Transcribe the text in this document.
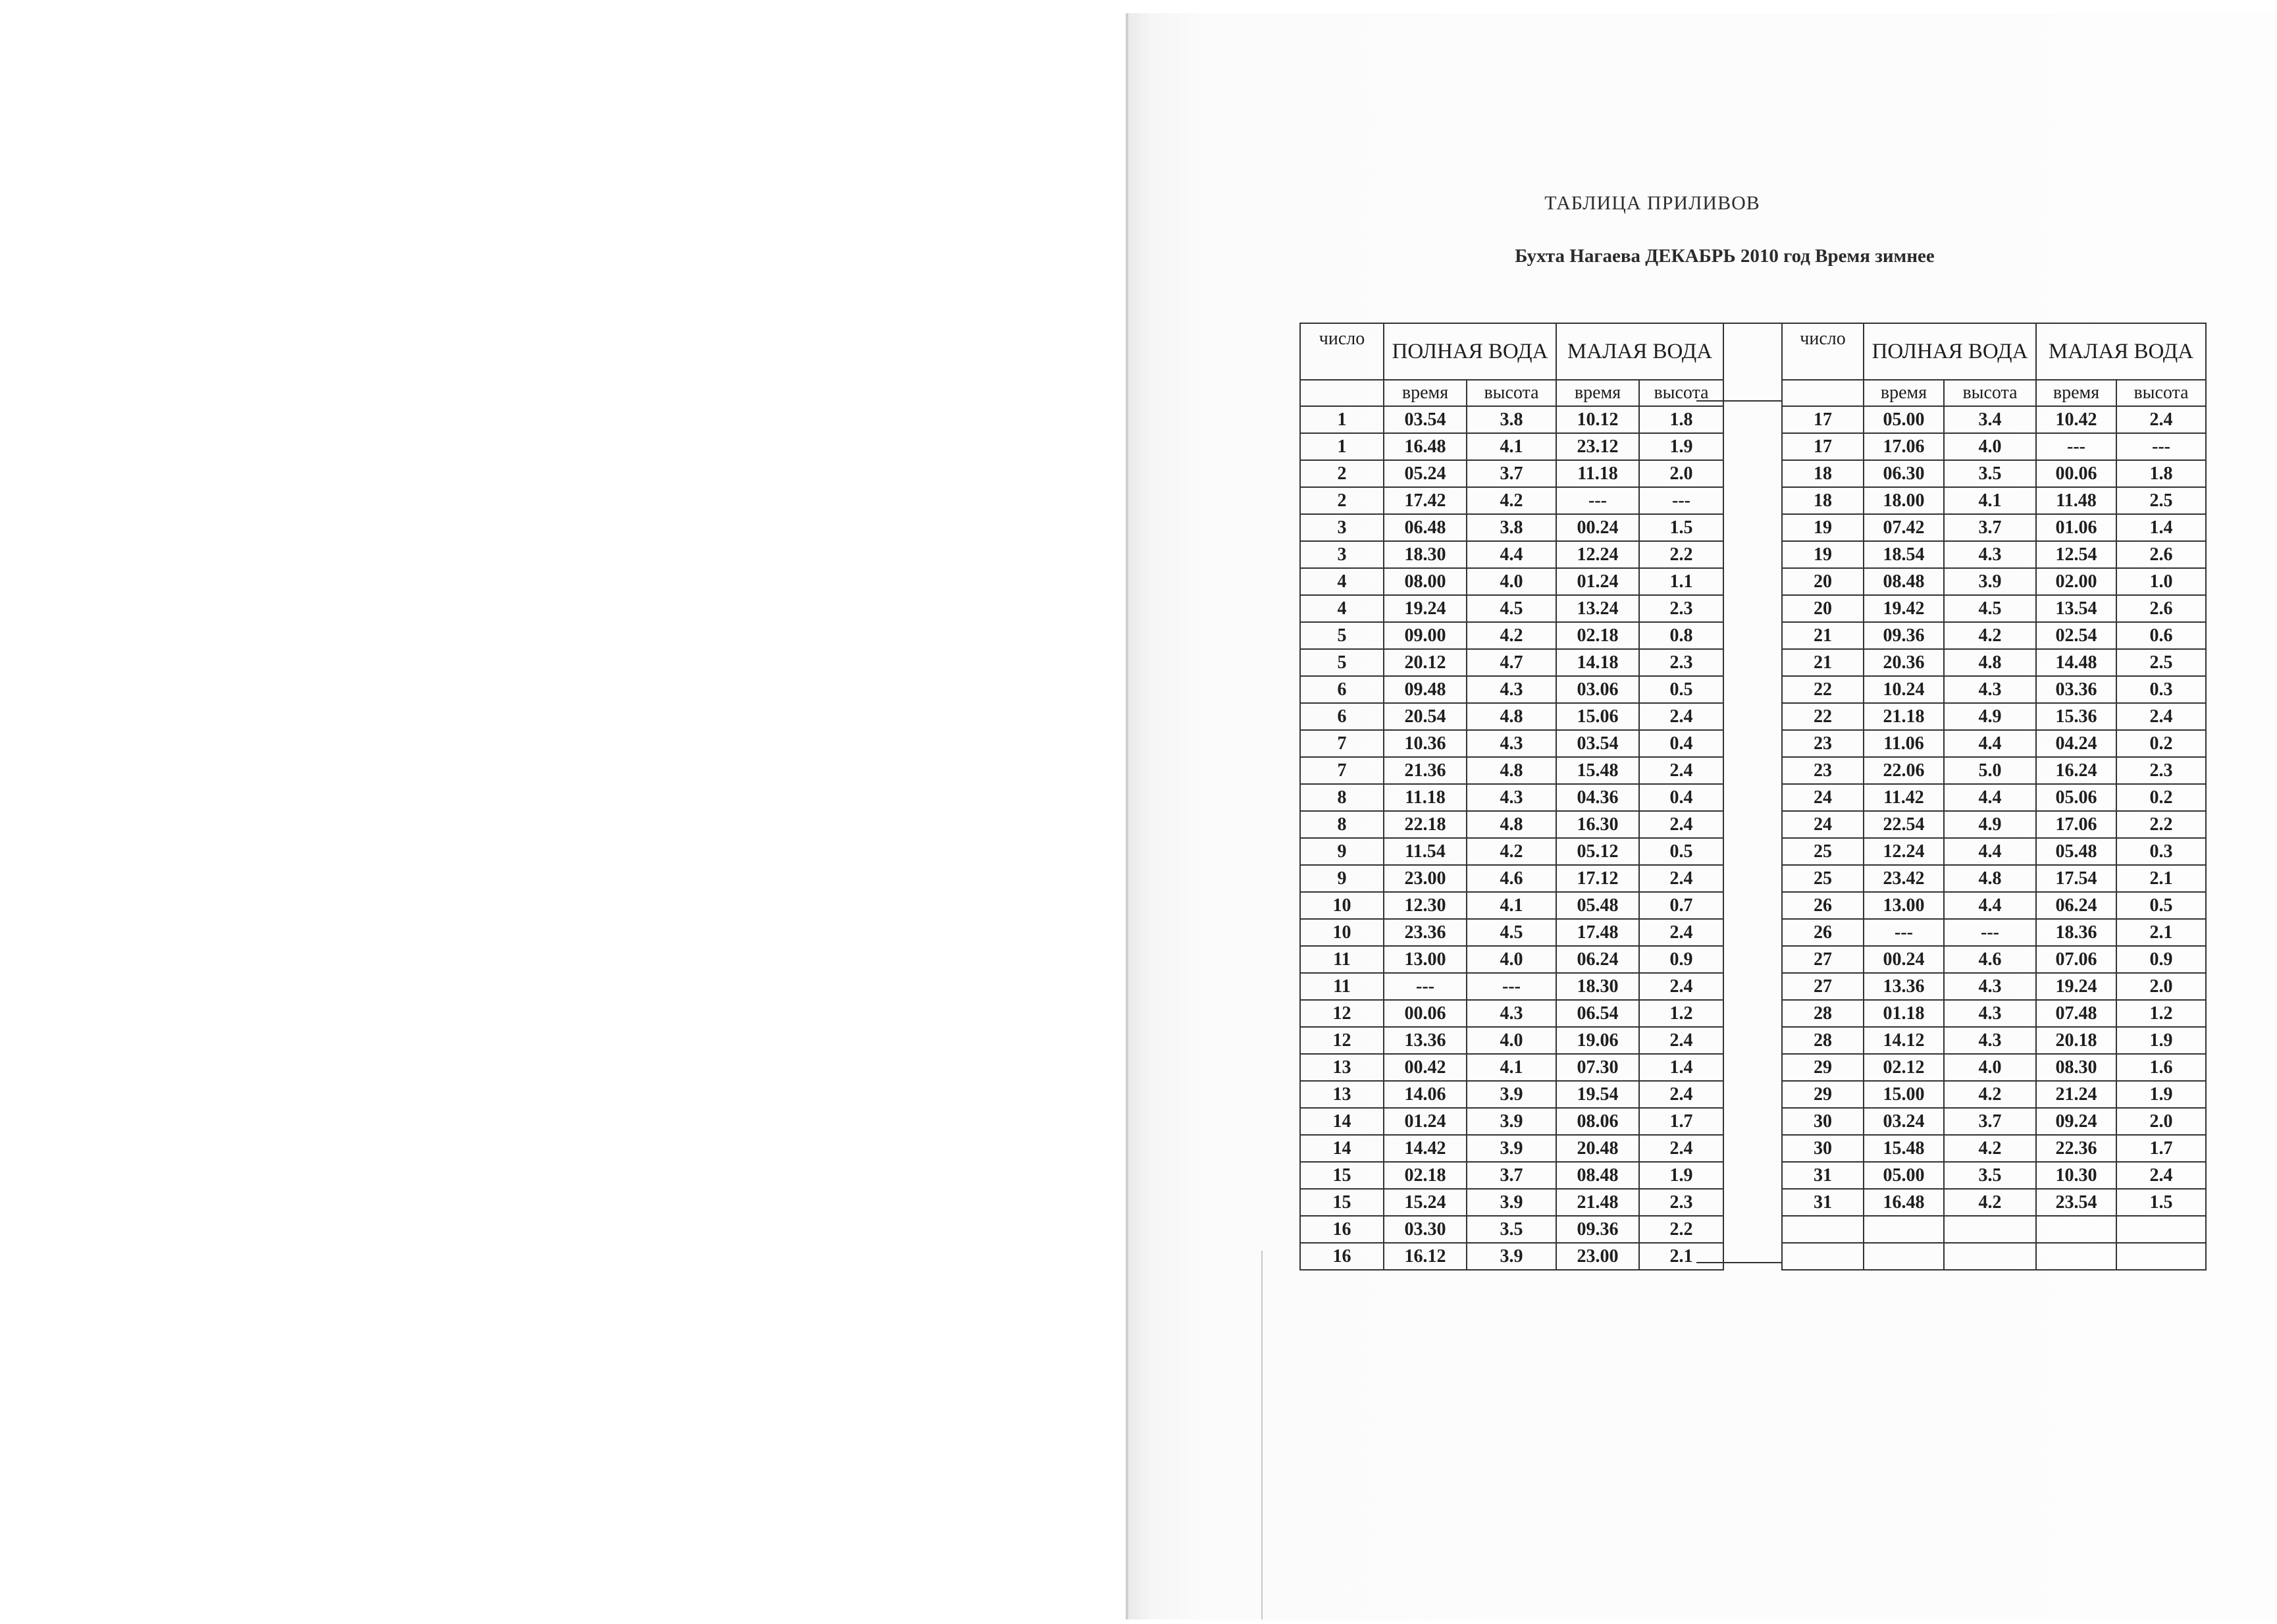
ТАБЛИЦА ПРИЛИВОВ
Бухта Нагаева ДЕКАБРЬ 2010 год Время зимнее
число	ПОЛНАЯ ВОДА		МАЛАЯ ВОДА	
	время	высота	время	высота
1	03.54	3.8	10.12	1.8
1	16.48	4.1	23.12	1.9
2	05.24	3.7	11.18	2.0
2	17.42	4.2	---	---
3	06.48	3.8	00.24	1.5
3	18.30	4.4	12.24	2.2
4	08.00	4.0	01.24	1.1
4	19.24	4.5	13.24	2.3
5	09.00	4.2	02.18	0.8
5	20.12	4.7	14.18	2.3
6	09.48	4.3	03.06	0.5
6	20.54	4.8	15.06	2.4
7	10.36	4.3	03.54	0.4
7	21.36	4.8	15.48	2.4
8	11.18	4.3	04.36	0.4
8	22.18	4.8	16.30	2.4
9	11.54	4.2	05.12	0.5
9	23.00	4.6	17.12	2.4
10	12.30	4.1	05.48	0.7
10	23.36	4.5	17.48	2.4
11	13.00	4.0	06.24	0.9
11	---	---	18.30	2.4
12	00.06	4.3	06.54	1.2
12	13.36	4.0	19.06	2.4
13	00.42	4.1	07.30	1.4
13	14.06	3.9	19.54	2.4
14	01.24	3.9	08.06	1.7
14	14.42	3.9	20.48	2.4
15	02.18	3.7	08.48	1.9
15	15.24	3.9	21.48	2.3
16	03.30	3.5	09.36	2.2
16	16.12	3.9	23.00	2.1
число	ПОЛНАЯ ВОДА		МАЛАЯ ВОДА	
	время	высота	время	высота
17	05.00	3.4	10.42	2.4
17	17.06	4.0	---	---
18	06.30	3.5	00.06	1.8
18	18.00	4.1	11.48	2.5
19	07.42	3.7	01.06	1.4
19	18.54	4.3	12.54	2.6
20	08.48	3.9	02.00	1.0
20	19.42	4.5	13.54	2.6
21	09.36	4.2	02.54	0.6
21	20.36	4.8	14.48	2.5
22	10.24	4.3	03.36	0.3
22	21.18	4.9	15.36	2.4
23	11.06	4.4	04.24	0.2
23	22.06	5.0	16.24	2.3
24	11.42	4.4	05.06	0.2
24	22.54	4.9	17.06	2.2
25	12.24	4.4	05.48	0.3
25	23.42	4.8	17.54	2.1
26	13.00	4.4	06.24	0.5
26	---	---	18.36	2.1
27	00.24	4.6	07.06	0.9
27	13.36	4.3	19.24	2.0
28	01.18	4.3	07.48	1.2
28	14.12	4.3	20.18	1.9
29	02.12	4.0	08.30	1.6
29	15.00	4.2	21.24	1.9
30	03.24	3.7	09.24	2.0
30	15.48	4.2	22.36	1.7
31	05.00	3.5	10.30	2.4
31	16.48	4.2	23.54	1.5
